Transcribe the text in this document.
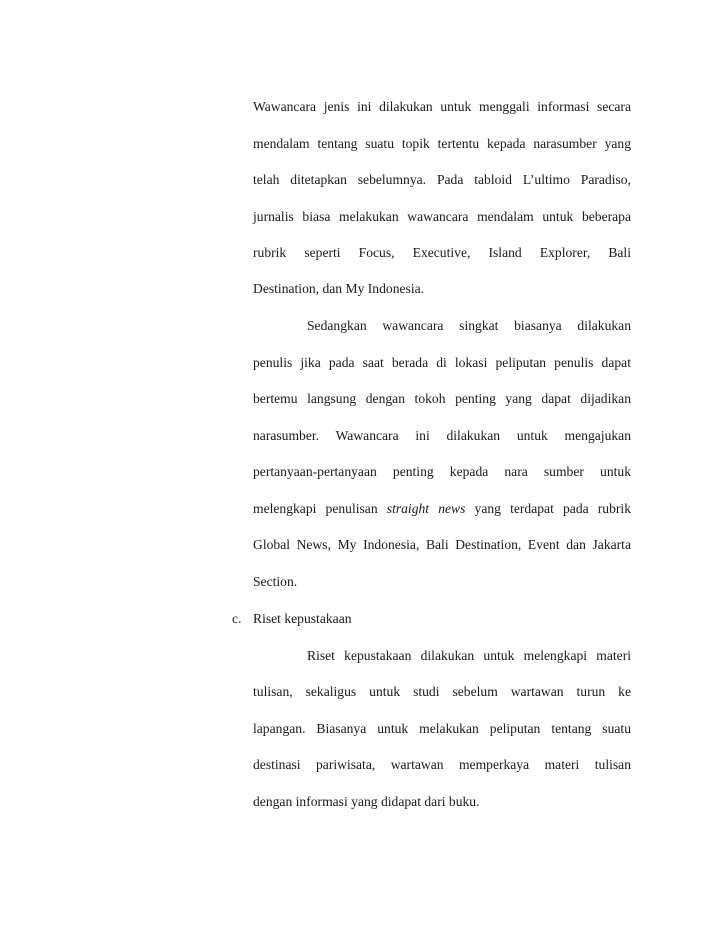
Wawancara jenis ini dilakukan untuk menggali informasi secara
mendalam tentang suatu topik tertentu kepada narasumber yang
telah ditetapkan sebelumnya. Pada tabloid L’ultimo Paradiso,
jurnalis biasa melakukan wawancara mendalam untuk beberapa
rubrik seperti Focus, Executive, Island Explorer, Bali
Destination, dan My Indonesia.
Sedangkan wawancara singkat biasanya dilakukan
penulis jika pada saat berada di lokasi peliputan penulis dapat
bertemu langsung dengan tokoh penting yang dapat dijadikan
narasumber. Wawancara ini dilakukan untuk mengajukan
pertanyaan-pertanyaan penting kepada nara sumber untuk
melengkapi penulisan straight news yang terdapat pada rubrik
Global News, My Indonesia, Bali Destination, Event dan Jakarta
Section.
c. Riset kepustakaan
Riset kepustakaan dilakukan untuk melengkapi materi
tulisan, sekaligus untuk studi sebelum wartawan turun ke
lapangan. Biasanya untuk melakukan peliputan tentang suatu
destinasi pariwisata, wartawan memperkaya materi tulisan
dengan informasi yang didapat dari buku.
